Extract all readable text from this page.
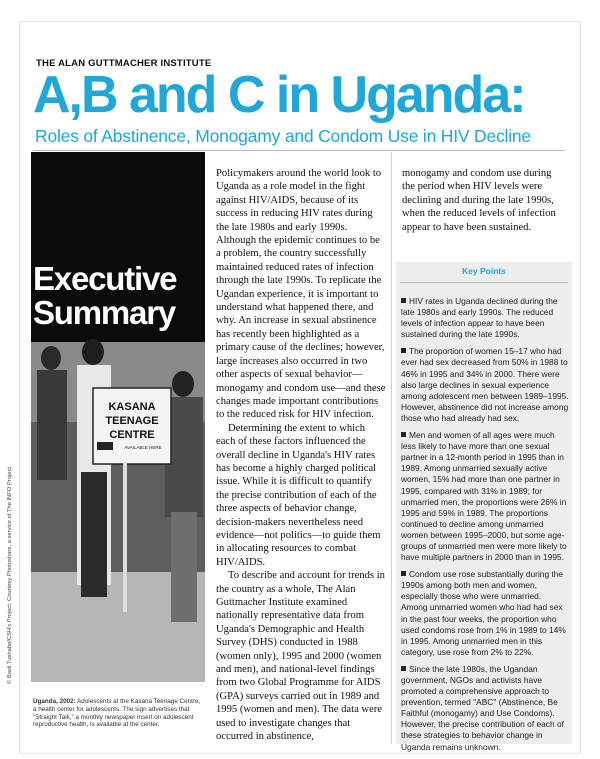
THE ALAN GUTTMACHER INSTITUTE
A,B and C in Uganda:
Roles of Abstinence, Monogamy and Condom Use in HIV Decline
KASANA
TEENAGE
CENTRE
AVAILABLE HERE
Executive
Summary
© Basil Tushabe/CSH's Project. Courtesy Photoshare, a service of The INFO Project
Uganda, 2002: Adolescents at the Kasana Teenage Centre, a health center for adolescents. The sign advertises that "Straight Talk," a monthly newspaper insert on adolescent reproductive health, is available at the center.

Policymakers around the world look to Uganda as a role model in the fight against HIV/AIDS, because of its success in reducing HIV rates during the late 1980s and early 1990s. Although the epidemic continues to be a problem, the country successfully maintained reduced rates of infection through the late 1990s. To replicate the Ugandan experience, it is important to understand what happened there, and why. An increase in sexual abstinence has recently been highlighted as a primary cause of the declines; however, large increases also occurred in two other aspects of sexual behavior—monogamy and condom use—and these changes made important contributions to the reduced risk for HIV infection.

Determining the extent to which each of these factors influenced the overall decline in Uganda's HIV rates has become a highly charged political issue. While it is difficult to quantify the precise contribution of each of the three aspects of behavior change, decision-makers nevertheless need evidence—not politics—to guide them in allocating resources to combat HIV/AIDS.

To describe and account for trends in the country as a whole, The Alan Guttmacher Institute examined nationally representative data from Uganda's Demographic and Health Survey (DHS) conducted in 1988 (women only), 1995 and 2000 (women and men), and national-level findings from two Global Programme for AIDS (GPA) surveys carried out in 1989 and 1995 (women and men). The data were used to investigate changes that occurred in abstinence,

monogamy and condom use during the period when HIV levels were declining and during the late 1990s, when the reduced levels of infection appear to have been sustained.

Key Points
HIV rates in Uganda declined during the late 1980s and early 1990s. The reduced levels of infection appear to have been sustained during the late 1990s.
The proportion of women 15–17 who had ever had sex decreased from 50% in 1988 to 46% in 1995 and 34% in 2000. There were also large declines in sexual experience among adolescent men between 1989–1995. However, abstinence did not increase among those who had already had sex.
Men and women of all ages were much less likely to have more than one sexual partner in a 12-month period in 1995 than in 1989. Among unmarried sexually active women, 15% had more than one partner in 1995, compared with 31% in 1989; for unmarried men, the proportions were 26% in 1995 and 59% in 1989. The proportions continued to decline among unmarried women between 1995–2000, but some age-groups of unmarried men were more likely to have multiple partners in 2000 than in 1995.
Condom use rose substantially during the 1990s among both men and women, especially those who were unmarried. Among unmarried women who had had sex in the past four weeks, the proportion who used condoms rose from 1% in 1989 to 14% in 1995. Among unmarried men in this category, use rose from 2% to 22%.
Since the late 1980s, the Ugandan government, NGOs and activists have promoted a comprehensive approach to prevention, termed "ABC" (Abstinence, Be Faithful (monogamy) and Use Condoms). However, the precise contribution of each of these strategies to behavior change in Uganda remains unknown.
